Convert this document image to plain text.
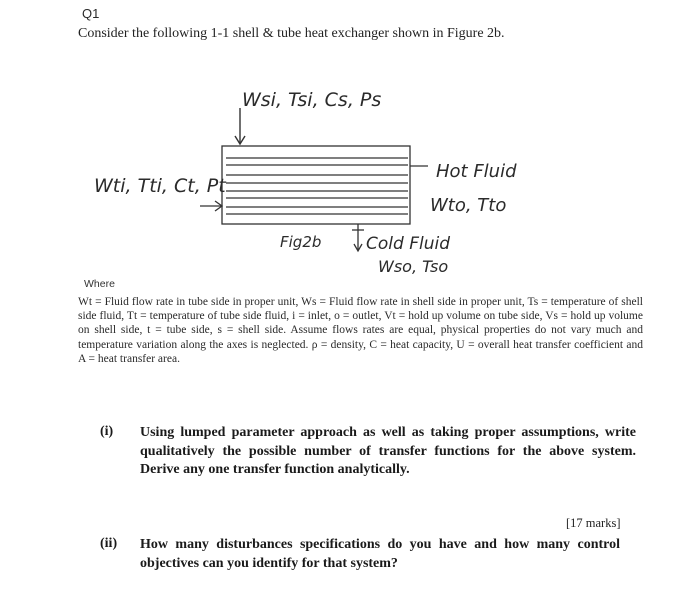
Q1
Consider the following 1-1 shell & tube heat exchanger shown in Figure 2b.
Wsi, Tsi, Cs, Ps
Wti, Tti, Ct, Pt
Hot Fluid
Wto, Tto
Fig2b	Cold Fluid
Wso, Tso
Where
Wt = Fluid flow rate in tube side in proper unit, Ws = Fluid flow rate in shell side in proper unit, Ts = temperature of shell side fluid, Tt = temperature of tube side fluid, i = inlet, o = outlet, Vt = hold up volume on tube side, Vs = hold up volume on shell side, t = tube side, s = shell side. Assume flows rates are equal, physical properties do not vary much and temperature variation along the axes is neglected. ρ = density, C = heat capacity, U = overall heat transfer coefficient and A = heat transfer area.
(i) Using lumped parameter approach as well as taking proper assumptions, write qualitatively the possible number of transfer functions for the above system. Derive any one transfer function analytically.
[17 marks]
(ii) How many disturbances specifications do you have and how many control objectives can you identify for that system?
